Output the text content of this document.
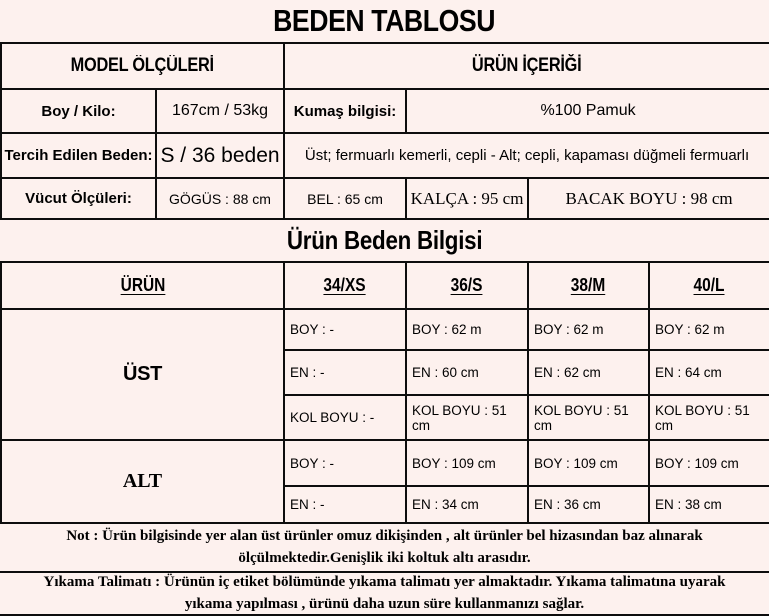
BEDEN TABLOSU
MODEL ÖLÇÜLERİ		ÜRÜN İÇERİĞİ		
Boy / Kilo:	167cm / 53kg	Kumaş bilgisi:	%100 Pamuk	
Tercih Edilen Beden:	S / 36 beden	Üst; fermuarlı kemerli, cepli - Alt; cepli, kapaması düğmeli fermuarlı		
Vücut Ölçüleri:	GÖGÜS : 88 cm	BEL : 65 cm	KALÇA : 95 cm	BACAK BOYU : 98 cm
Ürün Beden Bilgisi
ÜRÜN	34/XS	36/S	38/M	40/L
ÜST	BOY : -	BOY : 62 m	BOY : 62 m	BOY : 62 m
	EN : -	EN : 60 cm	EN : 62 cm	EN : 64 cm
	KOL BOYU : -	KOL BOYU : 51 cm	KOL BOYU : 51 cm	KOL BOYU : 51 cm
ALT	BOY : -	BOY : 109 cm	BOY : 109 cm	BOY : 109 cm
	EN : -	EN : 34 cm	EN : 36 cm	EN : 38 cm
Not : Ürün bilgisinde yer alan üst ürünler omuz dikişinden , alt ürünler bel hizasından baz alınarak ölçülmektedir.Genişlik iki koltuk altı arasıdır.
Yıkama Talimatı : Ürünün iç etiket bölümünde yıkama talimatı yer almaktadır. Yıkama talimatına uyarak yıkama yapılması , ürünü daha uzun süre kullanmanızı sağlar.
